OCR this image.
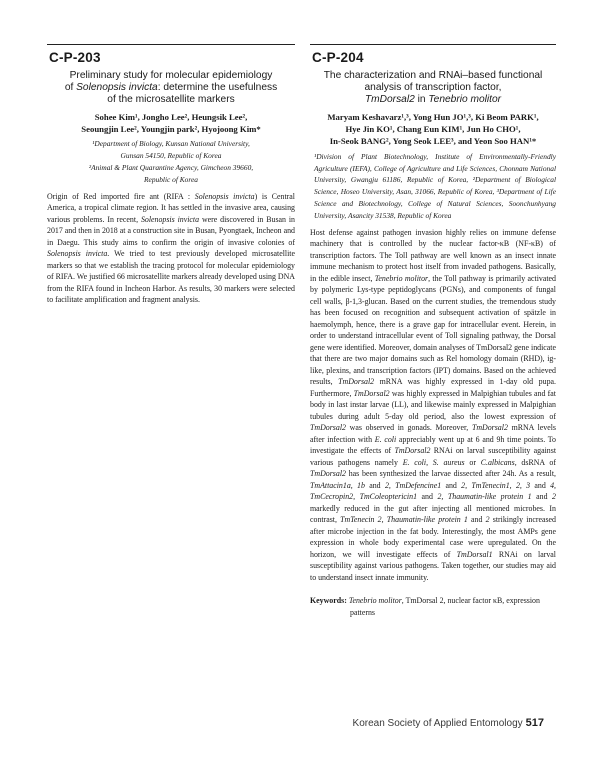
C-P-203
Preliminary study for molecular epidemiology
of Solenopsis invicta: determine the usefulness
of the microsatellite markers
Sohee Kim¹, Jongho Lee², Heungsik Lee²,
Seoungjin Lee², Youngjin park², Hyojoong Kim*
¹Department of Biology, Kunsan National University,
Gunsan 54150, Republic of Korea
²Animal & Plant Quarantine Agency, Gimcheon 39660,
Republic of Korea

Origin of Red imported fire ant (RIFA : Solenopsis invicta) is Central America, a tropical climate region. It has settled in the invasive area, causing various problems. In recent, Solenopsis invicta were discovered in Busan in 2017 and then in 2018 at a construction site in Busan, Pyongtaek, Incheon and in Daegu. This study aims to confirm the origin of invasive colonies of Solenopsis invicta. We tried to test previously developed microsatellite markers so that we establish the tracing protocol for molecular epidemiology of RIFA. We justified 66 microsatellite markers already developed using DNA from the RIFA found in Incheon Harbor. As results, 30 markers were selected to facilitate amplification and fragment analysis.

C-P-204
The characterization and RNAi–based functional
analysis of transcription factor,
TmDorsal2 in Tenebrio molitor
Maryam Keshavarz¹,³, Yong Hun JO¹,³, Ki Beom PARK¹,
Hye Jin KO¹, Chang Eun KIM¹, Jun Ho CHO¹,
In-Seok BANG², Yong Seok LEE³, and Yeon Soo HAN¹*
¹Division of Plant Biotechnology, Institute of Environmentally-Friendly Agriculture (IEFA), College of Agriculture and Life Sciences, Chonnam National University, Gwangju 61186, Republic of Korea, ²Department of Biological Science, Hoseo University, Asan, 31066, Republic of Korea, ³Department of Life Science and Biotechnology, College of Natural Sciences, Soonchunhyang University, Asancity 31538, Republic of Korea

Host defense against pathogen invasion highly relies on immune defense machinery that is controlled by the nuclear factor-κB (NF-κB) of transcription factors. The Toll pathway are well known as an insect innate immune mechanism to protect host itself from invaded pathogens. Basically, in the edible insect, Tenebrio molitor, the Toll pathway is primarily activated by polymeric Lys-type peptidoglycans (PGNs), and components of fungal cell walls, β-1,3-glucan. Based on the current studies, the tremendous study has been focused on recognition and subsequent activation of spätzle in haemolymph, hence, there is a grave gap for intracellular event. Herein, in order to understand intracellular event of Toll signaling pathway, the Dorsal gene were identified. Moreover, domain analyses of TmDorsal2 gene indicate that there are two major domains such as Rel homology domain (RHD), ig-like, plexins, and transcription factors (IPT) domains. Based on the achieved results, TmDorsal2 mRNA was highly expressed in 1-day old pupa. Furthermore, TmDorsal2 was highly expressed in Malpighian tubules and fat body in last instar larvae (LL), and likewise mainly expressed in Malpighian tubules during adult 5-day old period, also the lowest expression of TmDorsal2 was observed in gonads. Moreover, TmDorsal2 mRNA levels after infection with E. coli appreciably went up at 6 and 9h time points. To investigate the effects of TmDorsal2 RNAi on larval susceptibility against various pathogens namely E. coli, S. aureus or C.albicans, dsRNA of TmDorsal2 has been synthesized the larvae dissected after 24h. As a result, TmAttacin1a, 1b and 2, TmDefencine1 and 2, TmTenecin1, 2, 3 and 4, TmCecropin2, TmColeoptericin1 and 2, Thaumatin-like protein 1 and 2 markedly reduced in the gut after injecting all mentioned microbes. In contrast, TmTenecin 2, Thaumatin-like protein 1 and 2 strikingly increased after microbe injection in the fat body. Interestingly, the most AMPs gene expression in whole body experimental case were upregulated. On the horizon, we will investigate effects of TmDorsal1 RNAi on larval susceptibility against various pathogens. Taken together, our studies may aid to understand insect innate immunity.

Keywords: Tenebrio molitor, TmDorsal 2, nuclear factor κB, expression patterns

Korean Society of Applied Entomology 517
